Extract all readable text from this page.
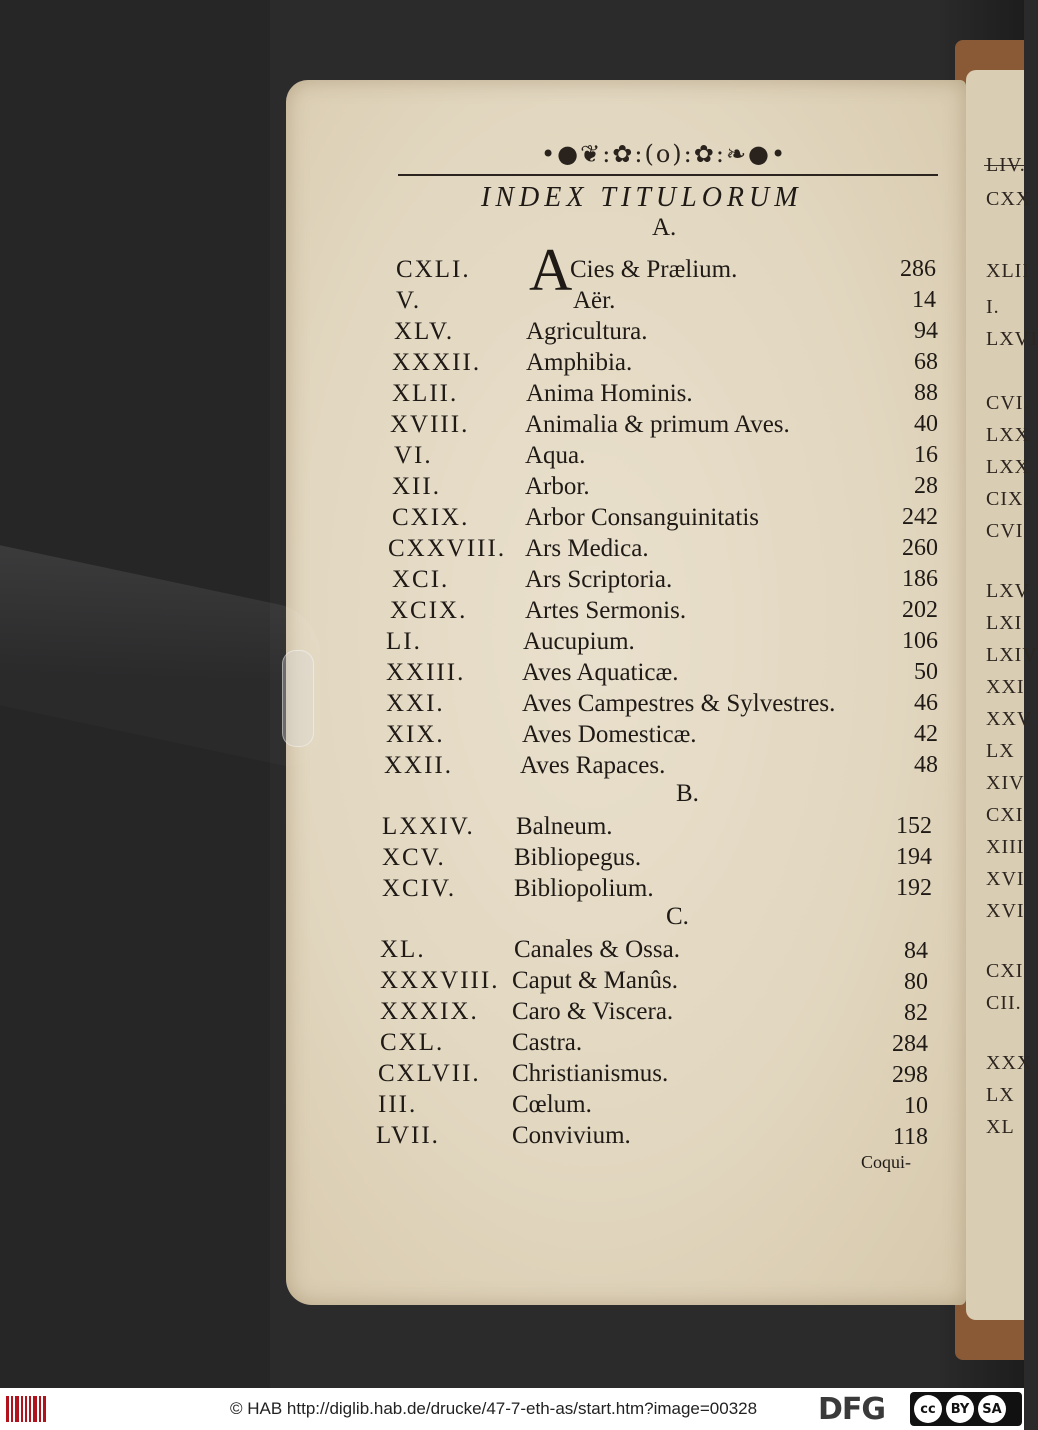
LIV.
CXX
XLII
I.
LXVI
CVI.
LXX
LXX
CIX.
CVI
LXV
LXI
LXIV
XXI
XXV
LX
XIV
CXI
XIII
XVI
XVI
CXI
CII.
XXX
LX
XL
•●❦:✿:(o):✿:❧●•
INDEX TITULORUM
A.
A
CXLI.	Cies & Prælium.	286
V.	Aër.	14
XLV.	Agricultura.	94
XXXII. Amphibia.	68
XLII.	Anima Hominis.	88
XVIII. Animalia & primum Aves.	40
VI.	Aqua.	16
XII.	Arbor.	28
CXIX. Arbor Consanguinitatis	242
CXXVIII. Ars Medica.	260
XCI.	Ars Scriptoria.	186
XCIX. Artes Sermonis.	202
LI.	Aucupium.	106
XXIII. Aves Aquaticæ.	50
XXI.	Aves Campestres & Sylvestres.	46
XIX.	Aves Domesticæ.	42
XXII.	Aves Rapaces.	48
B.
LXXIV. Balneum.	152
XCV.	Bibliopegus.	194
XCIV. Bibliopolium.	192
C.
XL.	Canales & Ossa.	84
XXXVIII. Caput & Manûs.	80
XXXIX. Caro & Viscera.	82
CXL.	Castra.	284
CXLVII. Christianismus.	298
III.	Cœlum.	10
LVII.	Convivium.	118
Coqui-
© HAB http://diglib.hab.de/drucke/47-7-eth-as/start.htm?image=00328 DFG	cc	BY SA
